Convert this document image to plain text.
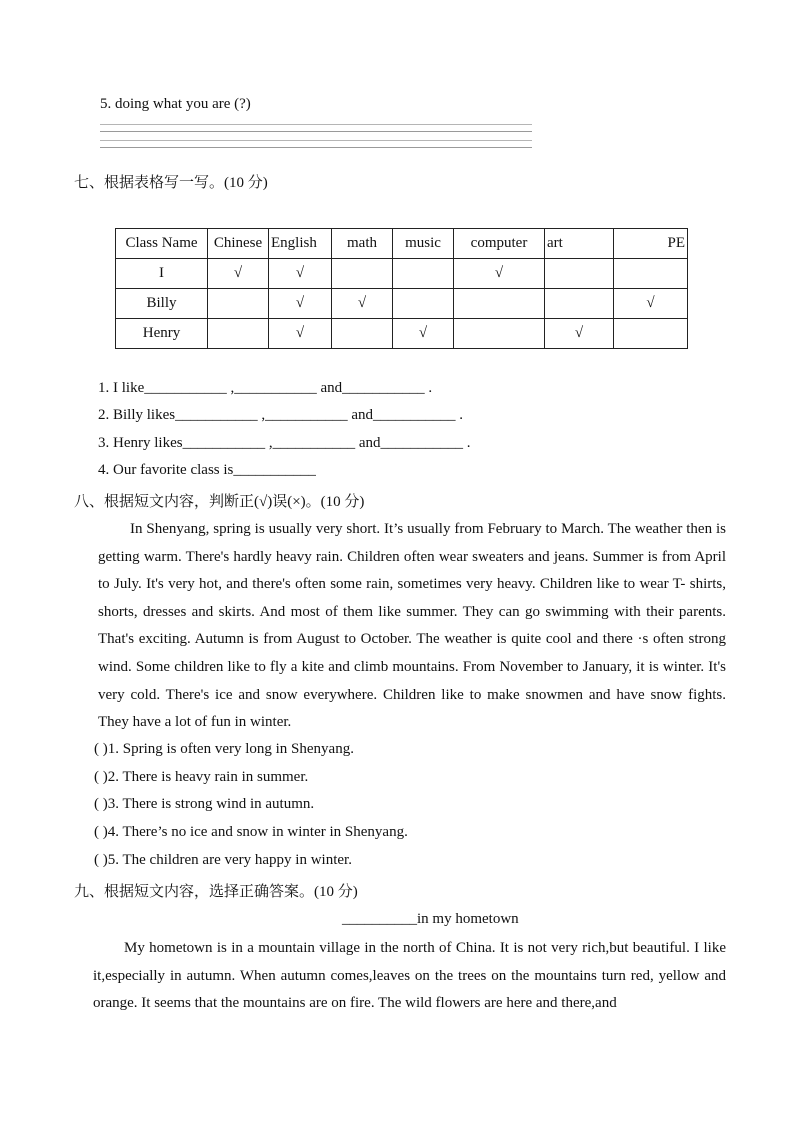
5. doing what you are (?)
七、根据表格写一写。(10 分)
Class Name	Chinese	English	math	music	computer	art	PE
I	√	√			√		
Billy		√	√				√
Henry		√		√		√	
1. I like___________ ,___________ and___________ .
2. Billy likes___________ ,___________ and___________ .
3. Henry likes___________ ,___________ and___________ .
4. Our favorite class is___________
八、根据短文内容，判断正(√)误(×)。(10 分)
In Shenyang, spring is usually very short. It’s usually from February to March. The weather then is getting warm. There's hardly heavy rain. Children often wear sweaters and jeans. Summer is from April to July. It's very hot, and there's often some rain, sometimes very heavy. Children like to wear T- shirts, shorts, dresses and skirts. And most of them like summer. They can go swimming with their parents. That's exciting. Autumn is from August to October. The weather is quite cool and there ·s often strong wind. Some children like to fly a kite and climb mountains. From November to January, it is winter. It's very cold. There's ice and snow everywhere. Children like to make snowmen and have snow fights. They have a lot of fun in winter.
( )1. Spring is often very long in Shenyang.
( )2. There is heavy rain in summer.
( )3. There is strong wind in autumn.
( )4. There’s no ice and snow in winter in Shenyang.
( )5. The children are very happy in winter.
九、根据短文内容，选择正确答案。(10 分)
__________in my hometown
My hometown is in a mountain village in the north of China. It is not very rich,but beautiful. I like it,especially in autumn. When autumn comes,leaves on the trees on the mountains turn red, yellow and orange. It seems that the mountains are on fire. The wild flowers are here and there,and
